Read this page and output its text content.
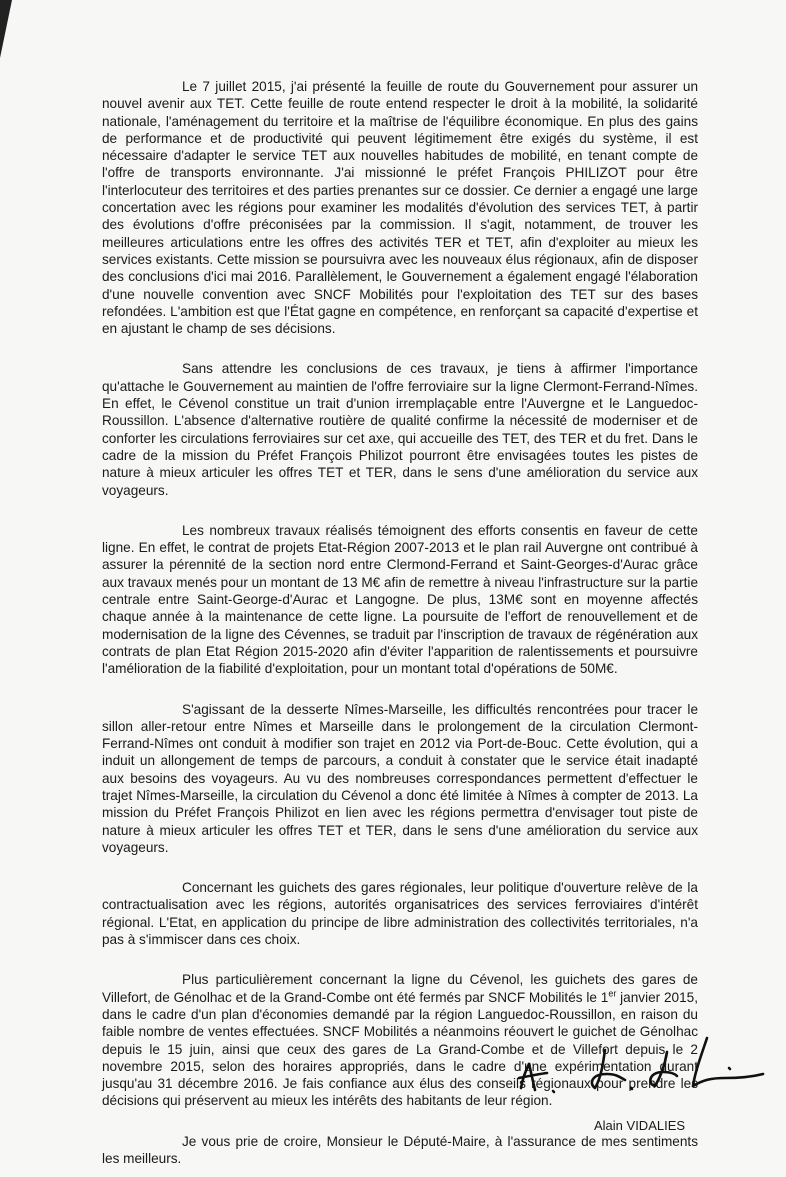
Le 7 juillet 2015, j'ai présenté la feuille de route du Gouvernement pour assurer un nouvel avenir aux TET. Cette feuille de route entend respecter le droit à la mobilité, la solidarité nationale, l'aménagement du territoire et la maîtrise de l'équilibre économique. En plus des gains de performance et de productivité qui peuvent légitimement être exigés du système, il est nécessaire d'adapter le service TET aux nouvelles habitudes de mobilité, en tenant compte de l'offre de transports environnante. J'ai missionné le préfet François PHILIZOT pour être l'interlocuteur des territoires et des parties prenantes sur ce dossier. Ce dernier a engagé une large concertation avec les régions pour examiner les modalités d'évolution des services TET, à partir des évolutions d'offre préconisées par la commission. Il s'agit, notamment, de trouver les meilleures articulations entre les offres des activités TER et TET, afin d'exploiter au mieux les services existants. Cette mission se poursuivra avec les nouveaux élus régionaux, afin de disposer des conclusions d'ici mai 2016. Parallèlement, le Gouvernement a également engagé l'élaboration d'une nouvelle convention avec SNCF Mobilités pour l'exploitation des TET sur des bases refondées. L'ambition est que l'État gagne en compétence, en renforçant sa capacité d'expertise et en ajustant le champ de ses décisions.

Sans attendre les conclusions de ces travaux, je tiens à affirmer l'importance qu'attache le Gouvernement au maintien de l'offre ferroviaire sur la ligne Clermont-Ferrand-Nîmes. En effet, le Cévenol constitue un trait d'union irremplaçable entre l'Auvergne et le Languedoc-Roussillon. L'absence d'alternative routière de qualité confirme la nécessité de moderniser et de conforter les circulations ferroviaires sur cet axe, qui accueille des TET, des TER et du fret. Dans le cadre de la mission du Préfet François Philizot pourront être envisagées toutes les pistes de nature à mieux articuler les offres TET et TER, dans le sens d'une amélioration du service aux voyageurs.

Les nombreux travaux réalisés témoignent des efforts consentis en faveur de cette ligne. En effet, le contrat de projets Etat-Région 2007-2013 et le plan rail Auvergne ont contribué à assurer la pérennité de la section nord entre Clermond-Ferrand et Saint-Georges-d'Aurac grâce aux travaux menés pour un montant de 13 M€ afin de remettre à niveau l'infrastructure sur la partie centrale entre Saint-George-d'Aurac et Langogne. De plus, 13M€ sont en moyenne affectés chaque année à la maintenance de cette ligne. La poursuite de l'effort de renouvellement et de modernisation de la ligne des Cévennes, se traduit par l'inscription de travaux de régénération aux contrats de plan Etat Région 2015-2020 afin d'éviter l'apparition de ralentissements et poursuivre l'amélioration de la fiabilité d'exploitation, pour un montant total d'opérations de 50M€.

S'agissant de la desserte Nîmes-Marseille, les difficultés rencontrées pour tracer le sillon aller-retour entre Nîmes et Marseille dans le prolongement de la circulation Clermont-Ferrand-Nîmes ont conduit à modifier son trajet en 2012 via Port-de-Bouc. Cette évolution, qui a induit un allongement de temps de parcours, a conduit à constater que le service était inadapté aux besoins des voyageurs. Au vu des nombreuses correspondances permettent d'effectuer le trajet Nîmes-Marseille, la circulation du Cévenol a donc été limitée à Nîmes à compter de 2013. La mission du Préfet François Philizot en lien avec les régions permettra d'envisager tout piste de nature à mieux articuler les offres TET et TER, dans le sens d'une amélioration du service aux voyageurs.

Concernant les guichets des gares régionales, leur politique d'ouverture relève de la contractualisation avec les régions, autorités organisatrices des services ferroviaires d'intérêt régional. L'Etat, en application du principe de libre administration des collectivités territoriales, n'a pas à s'immiscer dans ces choix.

Plus particulièrement concernant la ligne du Cévenol, les guichets des gares de Villefort, de Génolhac et de la Grand-Combe ont été fermés par SNCF Mobilités le 1er janvier 2015, dans le cadre d'un plan d'économies demandé par la région Languedoc-Roussillon, en raison du faible nombre de ventes effectuées. SNCF Mobilités a néanmoins réouvert le guichet de Génolhac depuis le 15 juin, ainsi que ceux des gares de La Grand-Combe et de Villefort depuis le 2 novembre 2015, selon des horaires appropriés, dans le cadre d'une expérimentation durant jusqu'au 31 décembre 2016. Je fais confiance aux élus des conseils régionaux pour prendre les décisions qui préservent au mieux les intérêts des habitants de leur région.

Je vous prie de croire, Monsieur le Député-Maire, à l'assurance de mes sentiments les meilleurs.

Alain VIDALIES
